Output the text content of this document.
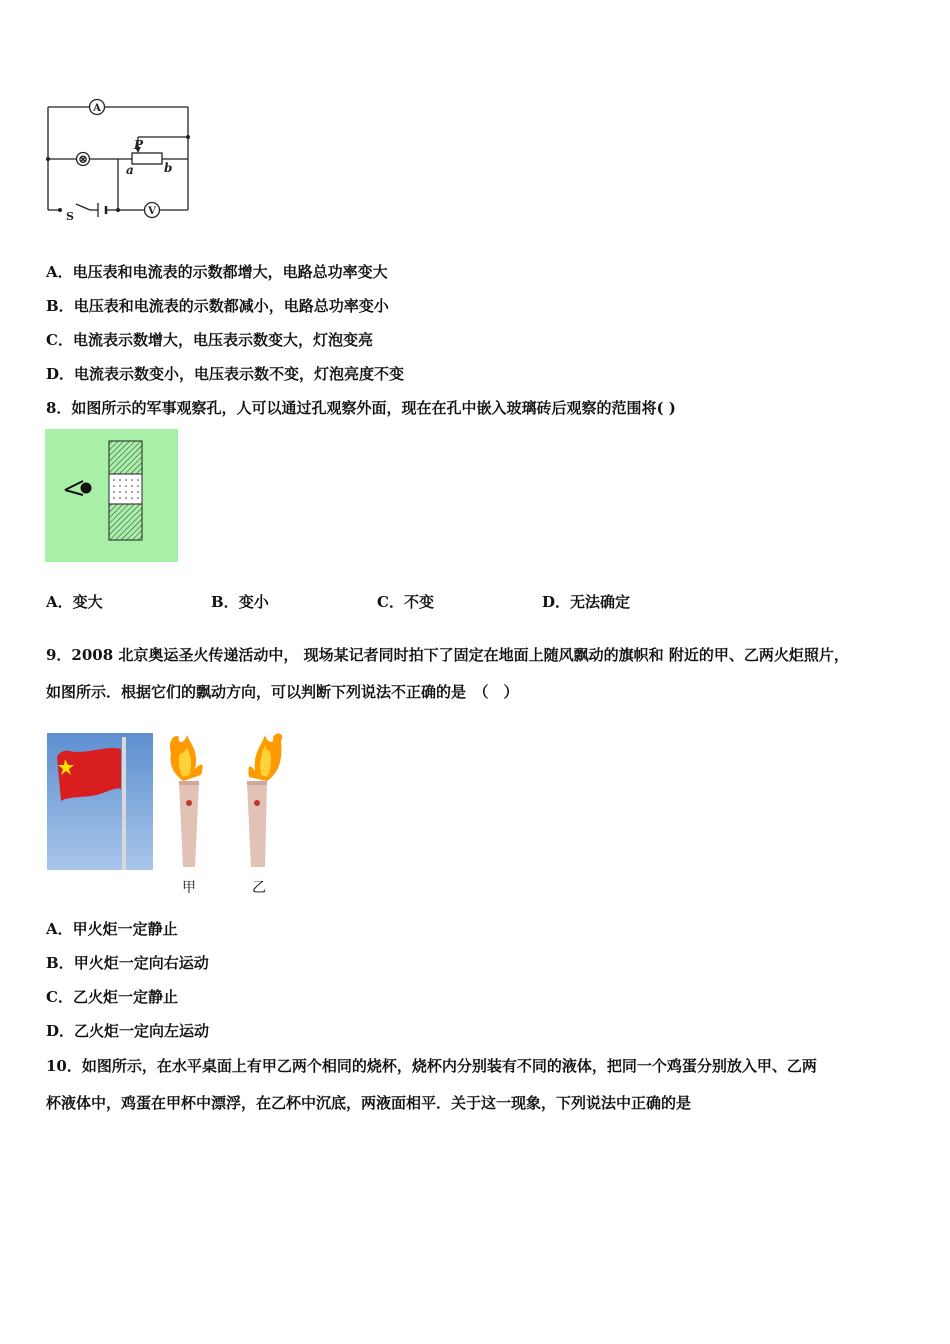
A
⊗
P
a	b
S	V
A．电压表和电流表的示数都增大，电路总功率变大
B．电压表和电流表的示数都减小，电路总功率变小
C．电流表示数增大，电压表示数变大，灯泡变亮
D．电流表示数变小，电压表示数不变，灯泡亮度不变
8．如图所示的军事观察孔，人可以通过孔观察外面，现在在孔中嵌入玻璃砖后观察的范围将( )
A．变大	B．变小	C．不变	D．无法确定
9．2008 北京奥运圣火传递活动中， 现场某记者同时拍下了固定在地面上随风飘动的旗帜和 附近的甲、乙两火炬照片，
如图所示．根据它们的飘动方向，可以判断下列说法不正确的是　（　）
甲	乙
A．甲火炬一定静止
B．甲火炬一定向右运动
C．乙火炬一定静止
D．乙火炬一定向左运动
10．如图所示，在水平桌面上有甲乙两个相同的烧杯，烧杯内分别装有不同的液体，把同一个鸡蛋分别放入甲、乙两
杯液体中，鸡蛋在甲杯中漂浮，在乙杯中沉底，两液面相平．关于这一现象，下列说法中正确的是
